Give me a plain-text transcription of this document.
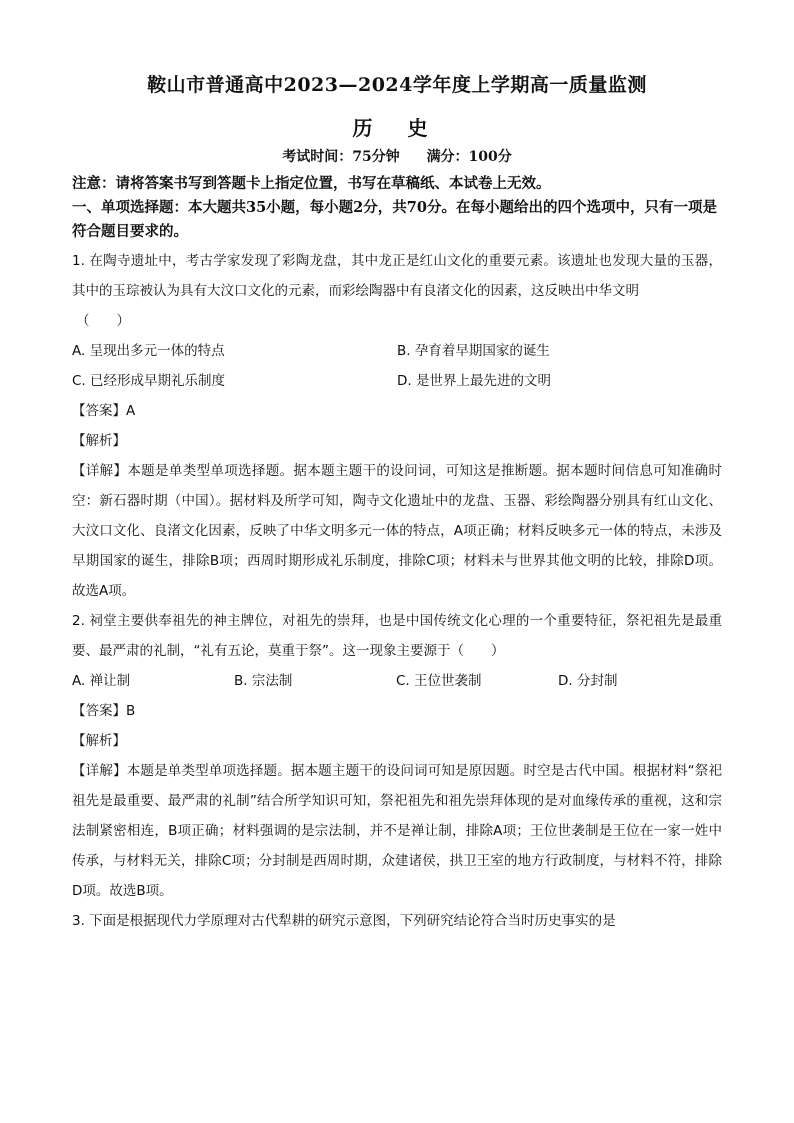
鞍山市普通高中2023—2024学年度上学期高一质量监测
历 史
考试时间：75分钟 满分：100分
注意：请将答案书写到答题卡上指定位置，书写在草稿纸、本试卷上无效。
一、单项选择题：本大题共35小题，每小题2分，共70分。在每小题给出的四个选项中，只有一项是符合题目要求的。

1. 在陶寺遗址中，考古学家发现了彩陶龙盘，其中龙正是红山文化的重要元素。该遗址也发现大量的玉器，其中的玉琮被认为具有大汶口文化的元素，而彩绘陶器中有良渚文化的因素，这反映出中华文明
（　　）

A. 呈现出多元一体的特点	B. 孕育着早期国家的诞生
C. 已经形成早期礼乐制度	D. 是世界上最先进的文明

【答案】A

【解析】

【详解】本题是单类型单项选择题。据本题主题干的设问词，可知这是推断题。据本题时间信息可知准确时空：新石器时期（中国）。据材料及所学可知，陶寺文化遗址中的龙盘、玉器、彩绘陶器分别具有红山文化、大汶口文化、良渚文化因素，反映了中华文明多元一体的特点，A项正确；材料反映多元一体的特点，未涉及早期国家的诞生，排除B项；西周时期形成礼乐制度，排除C项；材料未与世界其他文明的比较，排除D项。故选A项。

2. 祠堂主要供奉祖先的神主牌位，对祖先的崇拜，也是中国传统文化心理的一个重要特征，祭祀祖先是最重要、最严肃的礼制，“礼有五论，莫重于祭”。这一现象主要源于（　　）

A. 禅让制	B. 宗法制	C. 王位世袭制	D. 分封制

【答案】B

【解析】

【详解】本题是单类型单项选择题。据本题主题干的设问词可知是原因题。时空是古代中国。根据材料“祭祀祖先是最重要、最严肃的礼制”结合所学知识可知，祭祀祖先和祖先崇拜体现的是对血缘传承的重视，这和宗法制紧密相连，B项正确；材料强调的是宗法制，并不是禅让制，排除A项；王位世袭制是王位在一家一姓中传承，与材料无关，排除C项；分封制是西周时期，众建诸侯，拱卫王室的地方行政制度，与材料不符，排除D项。故选B项。

3. 下面是根据现代力学原理对古代犁耕的研究示意图，下列研究结论符合当时历史事实的是
